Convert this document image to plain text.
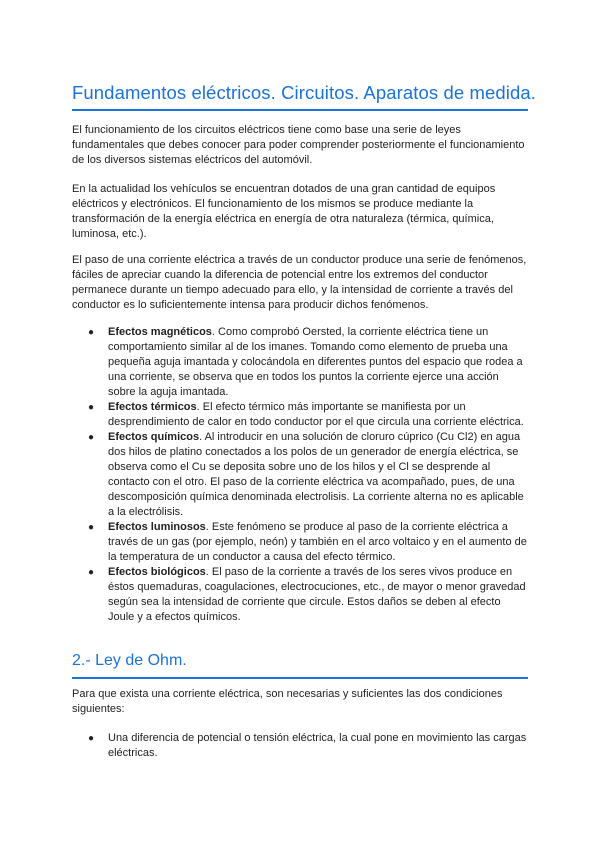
Fundamentos eléctricos. Circuitos. Aparatos de medida.

El funcionamiento de los circuitos eléctricos tiene como base una serie de leyes fundamentales que debes conocer para poder comprender posteriormente el funcionamiento de los diversos sistemas eléctricos del automóvil.

En la actualidad los vehículos se encuentran dotados de una gran cantidad de equipos eléctricos y electrónicos. El funcionamiento de los mismos se produce mediante la transformación de la energía eléctrica en energía de otra naturaleza (térmica, química, luminosa, etc.).

El paso de una corriente eléctrica a través de un conductor produce una serie de fenómenos, fáciles de apreciar cuando la diferencia de potencial entre los extremos del conductor permanece durante un tiempo adecuado para ello, y la intensidad de corriente a través del conductor es lo suficientemente intensa para producir dichos fenómenos.

● Efectos magnéticos. Como comprobó Oersted, la corriente eléctrica tiene un comportamiento similar al de los imanes. Tomando como elemento de prueba una pequeña aguja imantada y colocándola en diferentes puntos del espacio que rodea a una corriente, se observa que en todos los puntos la corriente ejerce una acción sobre la aguja imantada.
● Efectos térmicos. El efecto térmico más importante se manifiesta por un desprendimiento de calor en todo conductor por el que circula una corriente eléctrica.
● Efectos químicos. Al introducir en una solución de cloruro cúprico (Cu Cl2) en agua dos hilos de platino conectados a los polos de un generador de energía eléctrica, se observa como el Cu se deposita sobre uno de los hilos y el Cl se desprende al contacto con el otro. El paso de la corriente eléctrica va acompañado, pues, de una descomposición química denominada electrolisis. La corriente alterna no es aplicable a la electrólisis.
● Efectos luminosos. Este fenómeno se produce al paso de la corriente eléctrica a través de un gas (por ejemplo, neón) y también en el arco voltaico y en el aumento de la temperatura de un conductor a causa del efecto térmico.
● Efectos biológicos. El paso de la corriente a través de los seres vivos produce en éstos quemaduras, coagulaciones, electrocuciones, etc., de mayor o menor gravedad según sea la intensidad de corriente que circule. Estos daños se deben al efecto Joule y a efectos químicos.
2.- Ley de Ohm.

Para que exista una corriente eléctrica, son necesarias y suficientes las dos condiciones siguientes:

● Una diferencia de potencial o tensión eléctrica, la cual pone en movimiento las cargas eléctricas.
